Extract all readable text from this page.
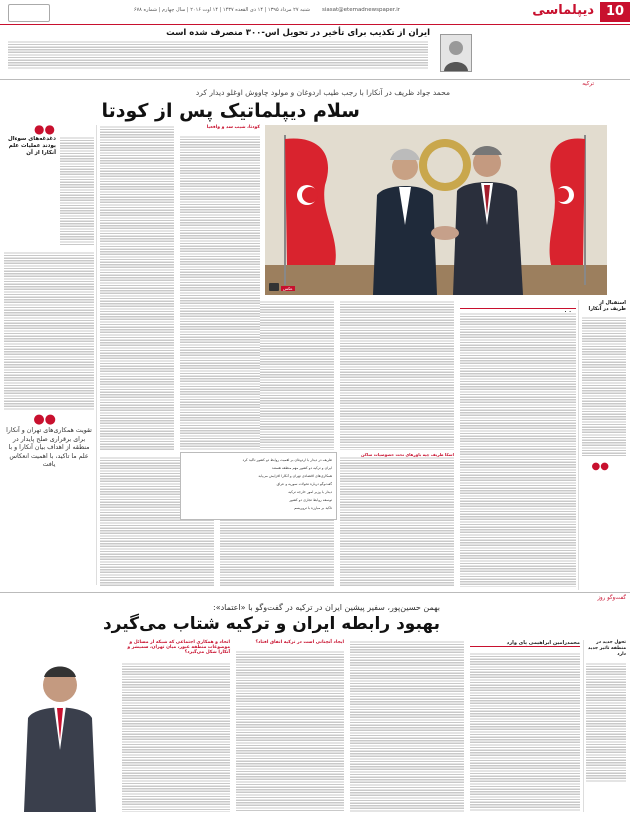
10
دیپلماسی
siasat@etemadnewspaper.ir
شنبه ۲۷ مرداد ۱۳۹۵ | ۱۴ ذی القعده ۱۴۳۷ | ۱۴ اوت ۲۰۱۶ | سال چهارم | شماره ۶۷۸
ایران از تکذیب برای تأخیر در تحویل اس-۳۰۰ منصرف شده است
ترکیه
محمد جواد ظریف در آنکارا با رجب طیب اردوغان و مولود چاووش اوغلو دیدار کرد
سلام دیپلماتیک پس از کودتا
عکس
استقبال از ظریف در آنکارا
●●
کودتا، شیب سد و واقعیا
اسکا ظریف چپه باورهای تحت خصوصیات ساکن
ظریف در دیدار با اردوغان بر اهمیت روابط دو کشور تاکید کرد
ایران و ترکیه دو کشور مهم منطقه هستند
همکاری‌های اقتصادی تهران و آنکارا افزایش می‌یابد
گفت‌وگو درباره تحولات سوریه و عراق
دیدار با وزیر امور خارجه ترکیه
توسعه روابط تجاری دو کشور
تاکید بر مبارزه با تروریسم
●●
دغدغه‌های سوءال بودند عملیات علم آنکارا از آن
●●
تقویت همکاری‌های تهران و آنکارا برای برقراری صلح پایدار در منطقه از اهداف بیان آنکارا و با علم ما تاکید، با اهمیت انعکاس یافت
گفت‌وگو روز
بهمن حسین‌پور، سفیر پیشین ایران در ترکیه در گفت‌وگو با «اعتماد»:
بهبود رابطه ایران و ترکیه شتاب می‌گیرد
محمدرامین ابراهیمی پای وارد
ایجاد آنچنانی است در ترکیه اتفاق افتاد؟
اتحاد و همکاری اجتماعی که شبکه از مسائل و موضوعات منطقه عبور، میان تهران، سمیشر و آنکارا شکل می‌گیرد؟
تحول جدید در منطقه تاثیر جدید دارد
